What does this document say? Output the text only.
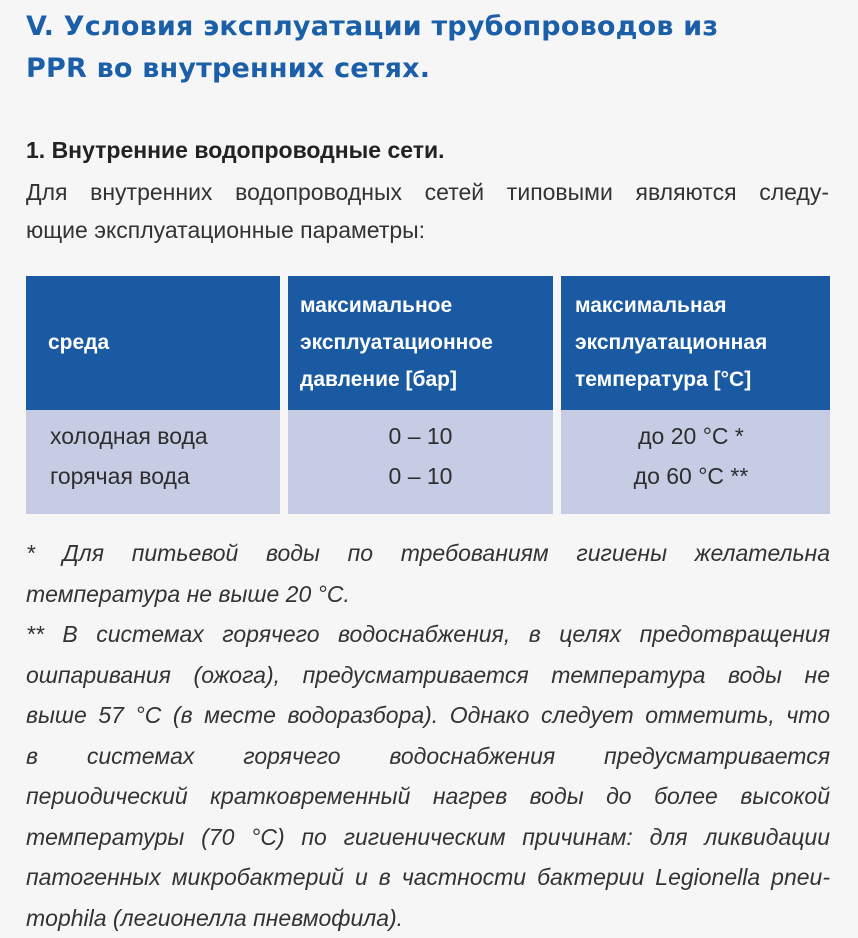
V. Условия эксплуатации трубопроводов из
PPR во внутренних сетях.
1. Внутренние водопроводные сети.

Для внутренних водопроводных сетей типовыми являются следу-
ющие эксплуатационные параметры:

среда
максимальное
эксплуатационное
давление [бар]
максимальная
эксплуатационная
температура [°C]
холодная вода
горячая вода
0 – 10
0 – 10
до 20 °C *
до 60 °C **

* Для питьевой воды по требованиям гигиены желательна
температура не выше 20 °C.
** В системах горячего водоснабжения, в целях предотвращения
ошпаривания (ожога), предусматривается температура воды не
выше 57 °C (в месте водоразбора). Однако следует отметить, что
в системах горячего водоснабжения предусматривается
периодический кратковременный нагрев воды до более высокой
температуры (70 °C) по гигиеническим причинам: для ликвидации
патогенных микробактерий и в частности бактерии Legionella pneu-
mophila (легионелла пневмофила).
